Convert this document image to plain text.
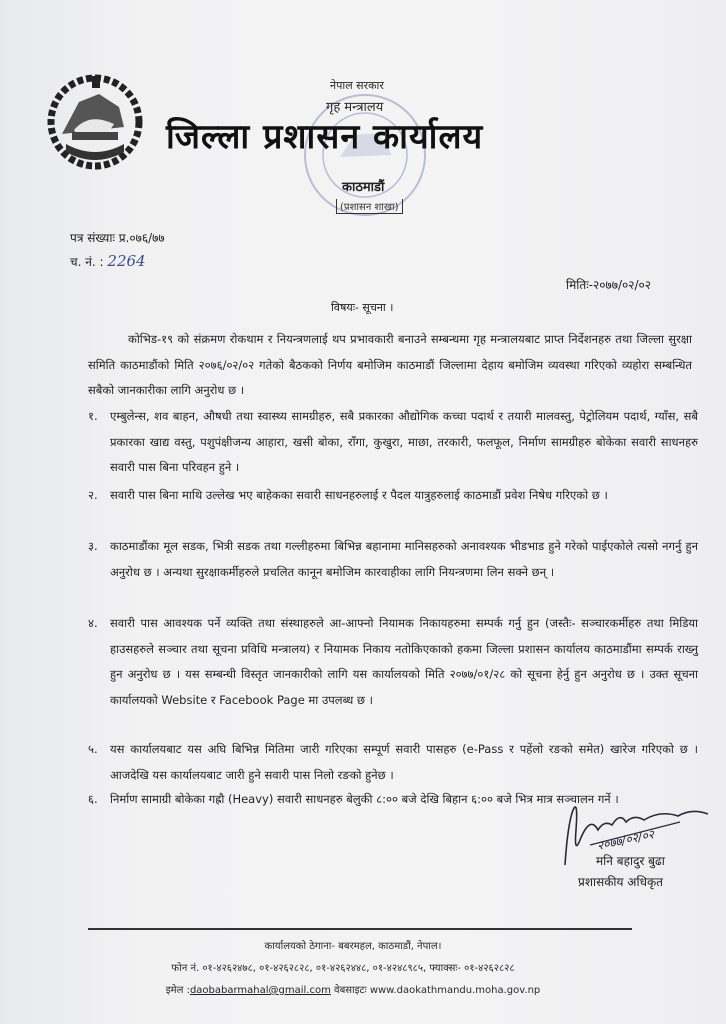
नेपाल सरकार
गृह मन्त्रालय
जिल्ला प्रशासन कार्यालय
काठमाडौं
(प्रशासन शाखा)
पत्र संख्याः प्र.०७६/७७
च. नं. : 2264
मितिः-२०७७/०२/०२
विषयः- सूचना ।
कोभिड-१९ को संक्रमण रोकथाम र नियन्त्रणलाई थप प्रभावकारी बनाउने सम्बन्धमा गृह मन्त्रालयबाट प्राप्त निर्देशनहरु तथा जिल्ला सुरक्षा समिति काठमाडौंको मिति २०७६/०२/०२ गतेको बैठकको निर्णय बमोजिम काठमाडौं जिल्लामा देहाय बमोजिम व्यवस्था गरिएको व्यहोरा सम्बन्धित सबैको जानकारीका लागि अनुरोध छ ।
१.	एम्बुलेन्स, शव बाहन, औषधी तथा स्वास्थ्य सामग्रीहरु, सबै प्रकारका औद्योगिक कच्चा पदार्थ र तयारी मालवस्तु, पेट्रोलियम पदार्थ, ग्याँस, सबै प्रकारका खाद्य वस्तु, पशुपंक्षीजन्य आहारा, खसी बोका, राँगा, कुखुरा, माछा, तरकारी, फलफूल, निर्माण सामग्रीहरु बोकेका सवारी साधनहरु सवारी पास बिना परिवहन हुने ।
२.	सवारी पास बिना माथि उल्लेख भए बाहेकका सवारी साधनहरुलाई र पैदल यात्रुहरुलाई काठमाडौं प्रवेश निषेध गरिएको छ ।
३.	काठमाडौंका मूल सडक, भित्री सडक तथा गल्लीहरुमा बिभिन्न बहानामा मानिसहरुको अनावश्यक भीडभाड हुने गरेको पाईएकोले त्यसो नगर्नु हुन अनुरोध छ । अन्यथा सुरक्षाकर्मीहरुले प्रचलित कानून बमोजिम कारवाहीका लागि नियन्त्रणमा लिन सक्ने छन् ।
४.	सवारी पास आवश्यक पर्ने व्यक्ति तथा संस्थाहरुले आ-आफ्नो नियामक निकायहरुमा सम्पर्क गर्नु हुन (जस्तैः- सञ्चारकर्मीहरु तथा मिडिया हाउसहरुले सञ्चार तथा सूचना प्रविधि मन्त्रालय) र नियामक निकाय नतोकिएकाको हकमा जिल्ला प्रशासन कार्यालय काठमाडौंमा सम्पर्क राख्नु हुन अनुरोध छ । यस सम्बन्धी विस्तृत जानकारीको लागि यस कार्यालयको मिति २०७७/०१/२८ को सूचना हेर्नु हुन अनुरोध छ । उक्त सूचना कार्यालयको Website र Facebook Page मा उपलब्ध छ ।
५.	यस कार्यालयबाट यस अघि बिभिन्न मितिमा जारी गरिएका सम्पूर्ण सवारी पासहरु (e-Pass र पहेंलो रङको समेत) खारेज गरिएको छ । आजदेखि यस कार्यालयबाट जारी हुने सवारी पास निलो रङको हुनेछ ।
६.	निर्माण सामाग्री बोकेका गह्रौ (Heavy) सवारी साधनहरु बेलुकी ८:०० बजे देखि बिहान ६:०० बजे भित्र मात्र सञ्चालन गर्ने ।
२०७७/०२/०२
मनि बहादुर बुढा
प्रशासकीय अधिकृत
कार्यालयको ठेगाना- बबरमहल, काठमाडौं, नेपाल।
फोन नं. ०१-४२६२४७८, ०१-४२६२८२८, ०१-४२६२४४८, ०१-४२४८९८५, फ्याक्सः- ०१-४२६२८२८
इमेल :daobabarmahal@gmail.com वेबसाइटः www.daokathmandu.moha.gov.np
